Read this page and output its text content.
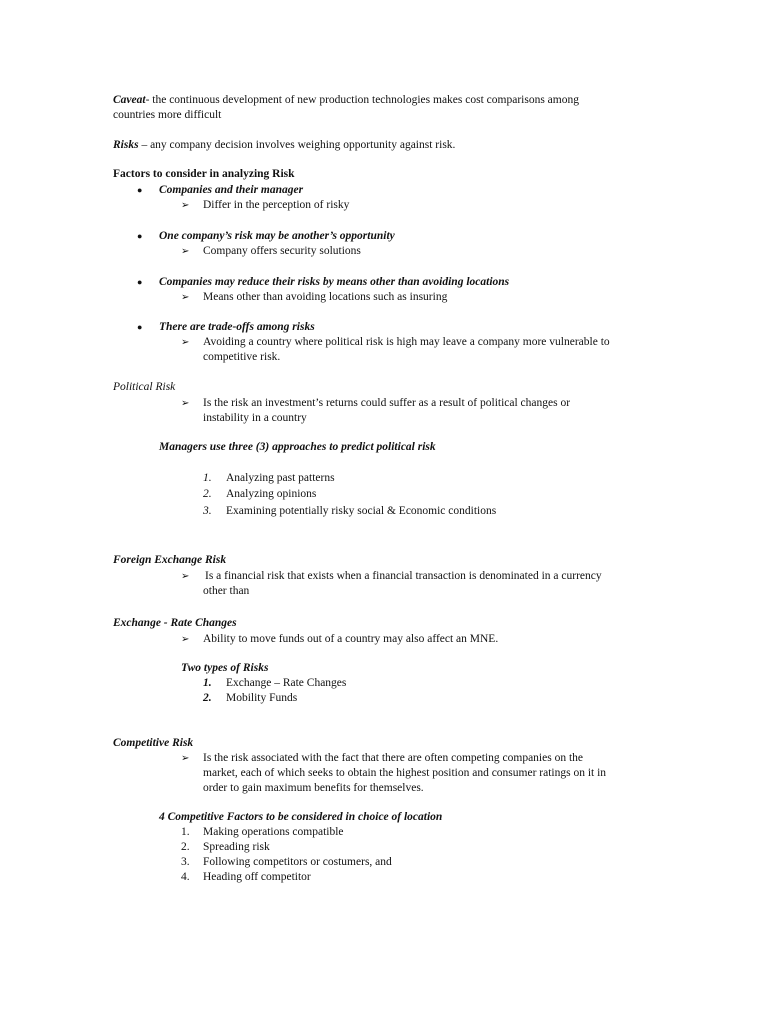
Caveat- the continuous development of new production technologies makes cost comparisons among
countries more difficult
Risks – any company decision involves weighing opportunity against risk.
Factors to consider in analyzing Risk
● Companies and their manager
➢ Differ in the perception of risky
● One company’s risk may be another’s opportunity
➢ Company offers security solutions
● Companies may reduce their risks by means other than avoiding locations
➢ Means other than avoiding locations such as insuring
● There are trade-offs among risks
➢ Avoiding a country where political risk is high may leave a company more vulnerable to
competitive risk.
Political Risk
➢ Is the risk an investment’s returns could suffer as a result of political changes or
instability in a country
Managers use three (3) approaches to predict political risk
1. Analyzing past patterns
2. Analyzing opinions
3. Examining potentially risky social & Economic conditions
Foreign Exchange Risk
➢ Is a financial risk that exists when a financial transaction is denominated in a currency
other than
Exchange - Rate Changes
➢ Ability to move funds out of a country may also affect an MNE.
Two types of Risks
1. Exchange – Rate Changes
2. Mobility Funds
Competitive Risk
➢ Is the risk associated with the fact that there are often competing companies on the
market, each of which seeks to obtain the highest position and consumer ratings on it in
order to gain maximum benefits for themselves.
4 Competitive Factors to be considered in choice of location
1. Making operations compatible
2. Spreading risk
3. Following competitors or costumers, and
4. Heading off competitor
